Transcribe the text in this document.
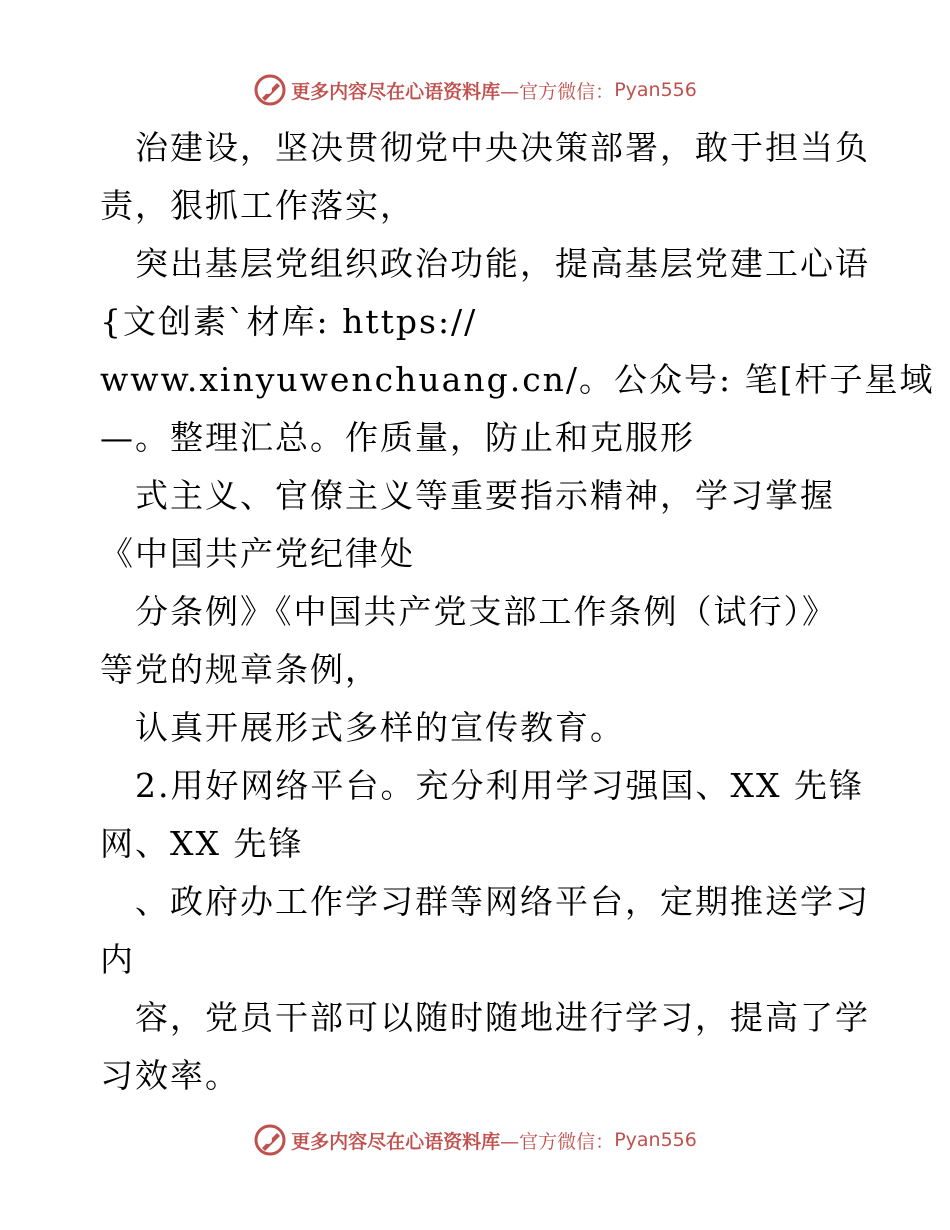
更多内容尽在心语资料库 —官方微信： Pyan556
治建设，坚决贯彻党中央决策部署，敢于担当负
责，狠抓工作落实，
突出基层党组织政治功能，提高基层党建工心语
{文创素`材库: https://
www.xinyuwenchuang.cn/。公众号: 笔[杆子星域
—。整理汇总。作质量，防止和克服形
式主义、官僚主义等重要指示精神，学习掌握
《中国共产党纪律处
分条例》《中国共产党支部工作条例（试行）》
等党的规章条例，
认真开展形式多样的宣传教育。
2.用好网络平台。充分利用学习强国、XX 先锋
网、XX 先锋
、政府办工作学习群等网络平台，定期推送学习
内
容，党员干部可以随时随地进行学习，提高了学
习效率。
更多内容尽在心语资料库 —官方微信： Pyan556
